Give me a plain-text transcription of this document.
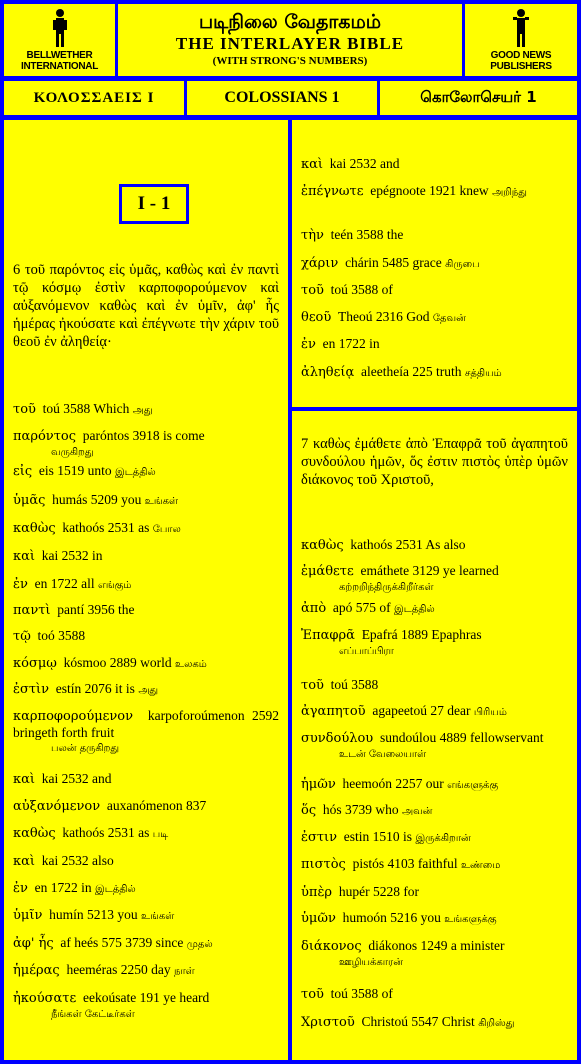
BELLWETHER INTERNATIONAL
படிநிலை வேதாகமம்
THE INTERLAYER BIBLE
(WITH STRONG'S NUMBERS)	GOOD NEWS PUBLISHERS
ΚΟΛΟΣΣΑΕΙΣ I	COLOSSIANS 1	கொலோசெயர் 1
I - 1
6 τοῦ παρόντος εἰς ὑμᾶς, καθὼς καὶ ἐν παντὶ τῷ κόσμῳ ἐστὶν καρποφορούμενον καὶ αὐξανόμενον καθὼς καὶ ἐν ὑμῖν, ἀφ' ἧς ἡμέρας ἠκούσατε καὶ ἐπέγνωτε τὴν χάριν τοῦ θεοῦ ἐν ἀληθείᾳ·
τοῦ toú 3588 Which அது
παρόντος paróntos 3918 is come
வருகிறது
εἰς eis 1519 unto இடத்தில்
ὑμᾶς humás 5209 you உங்கள்
καθὼς kathoós 2531 as போல
καὶ kai 2532 in
ἐν en 1722 all எங்கும்
παντὶ pantí 3956 the
τῷ toó 3588
κόσμῳ kósmoo 2889 world உலகம்
ἐστὶν estín 2076 it is அது
καρποφορούμενον karpoforoúmenon 2592 bringeth forth fruit
பலன் தருகிறது
καὶ kai 2532 and
αὐξανόμενον auxanómenon 837
καθὼς kathoós 2531 as படி
καὶ kai 2532 also
ἐν en 1722 in இடத்தில்
ὑμῖν humín 5213 you உங்கள்
ἀφ' ἧς af heés 575 3739 since முதல்
ἡμέρας heeméras 2250 day நாள்
ἠκούσατε eekoúsate 191 ye heard
நீங்கள் கேட்டீர்கள்
καὶ kai 2532 and
ἐπέγνωτε epégnoote 1921 knew அறிந்து
τὴν teén 3588 the
χάριν chárin 5485 grace கிருபை
τοῦ toú 3588 of
θεοῦ Theoú 2316 God தேவன்
ἐν en 1722 in
ἀληθείᾳ aleetheía 225 truth சத்தியம்
7 καθὼς ἐμάθετε ἀπὸ Ἐπαφρᾶ τοῦ ἀγαπητοῦ συνδούλου ἡμῶν, ὅς ἐστιν πιστὸς ὑπὲρ ὑμῶν διάκονος τοῦ Χριστοῦ,
καθὼς kathoós 2531 As also
ἐμάθετε emáthete 3129 ye learned
கற்றறிந்திருக்கிறீர்கள்
ἀπὸ apó 575 of இடத்தில்
Ἐπαφρᾶ Epafrá 1889 Epaphras
எப்பாப்பிரா
τοῦ toú 3588
ἀγαπητοῦ agapeetoú 27 dear பிரியம்
συνδούλου sundoúlou 4889 fellowservant
உடன் வேலையாள்
ἡμῶν heemoón 2257 our எங்களுக்கு
ὅς hós 3739 who அவன்
ἐστιν estin 1510 is இருக்கிறான்
πιστὸς pistós 4103 faithful உண்மை
ὑπὲρ hupér 5228 for
ὑμῶν humoón 5216 you உங்களுக்கு
διάκονος diákonos 1249 a minister
ஊழியக்காரன்
τοῦ toú 3588 of
Χριστοῦ Christoú 5547 Christ கிறிஸ்து
